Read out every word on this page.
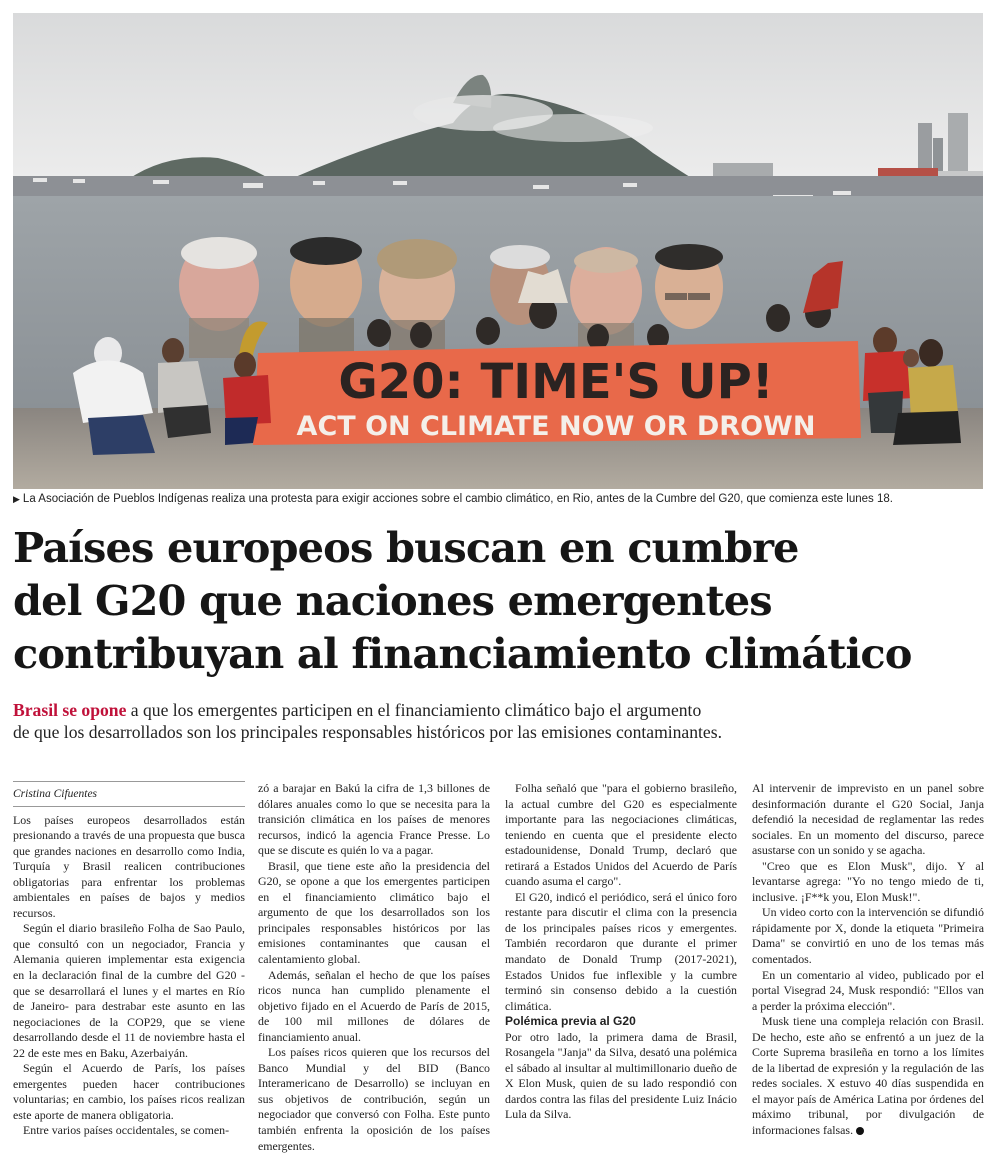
G20: TIME'S UP!
ACT ON CLIMATE NOW OR DROWN
▶ La Asociación de Pueblos Indígenas realiza una protesta para exigir acciones sobre el cambio climático, en Rio, antes de la Cumbre del G20, que comienza este lunes 18.
Países europeos buscan en cumbre
del G20 que naciones emergentes
contribuyan al financiamiento climático
Brasil se opone a que los emergentes participen en el financiamiento climático bajo el argumento
de que los desarrollados son los principales responsables históricos por las emisiones contaminantes.
Cristina Cifuentes

Los países europeos desarrollados están presionando a través de una propuesta que busca que grandes naciones en desarrollo como India, Turquía y Brasil realicen contribuciones obligatorias para enfrentar los problemas ambientales en países de bajos y medios recursos.

Según el diario brasileño Folha de Sao Paulo, que consultó con un negociador, Francia y Alemania quieren implementar esta exigencia en la declaración final de la cumbre del G20 -que se desarrollará el lunes y el martes en Río de Janeiro- para destrabar este asunto en las negociaciones de la COP29, que se viene desarrollando desde el 11 de noviembre hasta el 22 de este mes en Baku, Azerbaiyán.

Según el Acuerdo de París, los países emergentes pueden hacer contribuciones voluntarias; en cambio, los países ricos realizan este aporte de manera obligatoria.

Entre varios países occidentales, se comen-

zó a barajar en Bakú la cifra de 1,3 billones de dólares anuales como lo que se necesita para la transición climática en los países de menores recursos, indicó la agencia France Presse. Lo que se discute es quién lo va a pagar.

Brasil, que tiene este año la presidencia del G20, se opone a que los emergentes participen en el financiamiento climático bajo el argumento de que los desarrollados son los principales responsables históricos por las emisiones contaminantes que causan el calentamiento global.

Además, señalan el hecho de que los países ricos nunca han cumplido plenamente el objetivo fijado en el Acuerdo de París de 2015, de 100 mil millones de dólares de financiamiento anual.

Los países ricos quieren que los recursos del Banco Mundial y del BID (Banco Interamericano de Desarrollo) se incluyan en sus objetivos de contribución, según un negociador que conversó con Folha. Este punto también enfrenta la oposición de los países emergentes.

Folha señaló que "para el gobierno brasileño, la actual cumbre del G20 es especialmente importante para las negociaciones climáticas, teniendo en cuenta que el presidente electo estadounidense, Donald Trump, declaró que retirará a Estados Unidos del Acuerdo de París cuando asuma el cargo".

El G20, indicó el periódico, será el único foro restante para discutir el clima con la presencia de los principales países ricos y emergentes. También recordaron que durante el primer mandato de Donald Trump (2017-2021), Estados Unidos fue inflexible y la cumbre terminó sin consenso debido a la cuestión climática.

Polémica previa al G20

Por otro lado, la primera dama de Brasil, Rosangela "Janja" da Silva, desató una polémica el sábado al insultar al multimillonario dueño de X Elon Musk, quien de su lado respondió con dardos contra las filas del presidente Luiz Inácio Lula da Silva.

Al intervenir de imprevisto en un panel sobre desinformación durante el G20 Social, Janja defendió la necesidad de reglamentar las redes sociales. En un momento del discurso, parece asustarse con un sonido y se agacha.

"Creo que es Elon Musk", dijo. Y al levantarse agrega: "Yo no tengo miedo de ti, inclusive. ¡F**k you, Elon Musk!".

Un video corto con la intervención se difundió rápidamente por X, donde la etiqueta "Primeira Dama" se convirtió en uno de los temas más comentados.

En un comentario al video, publicado por el portal Visegrad 24, Musk respondió: "Ellos van a perder la próxima elección".

Musk tiene una compleja relación con Brasil. De hecho, este año se enfrentó a un juez de la Corte Suprema brasileña en torno a los límites de la libertad de expresión y la regulación de las redes sociales. X estuvo 40 días suspendida en el mayor país de América Latina por órdenes del máximo tribunal, por divulgación de informaciones falsas.
